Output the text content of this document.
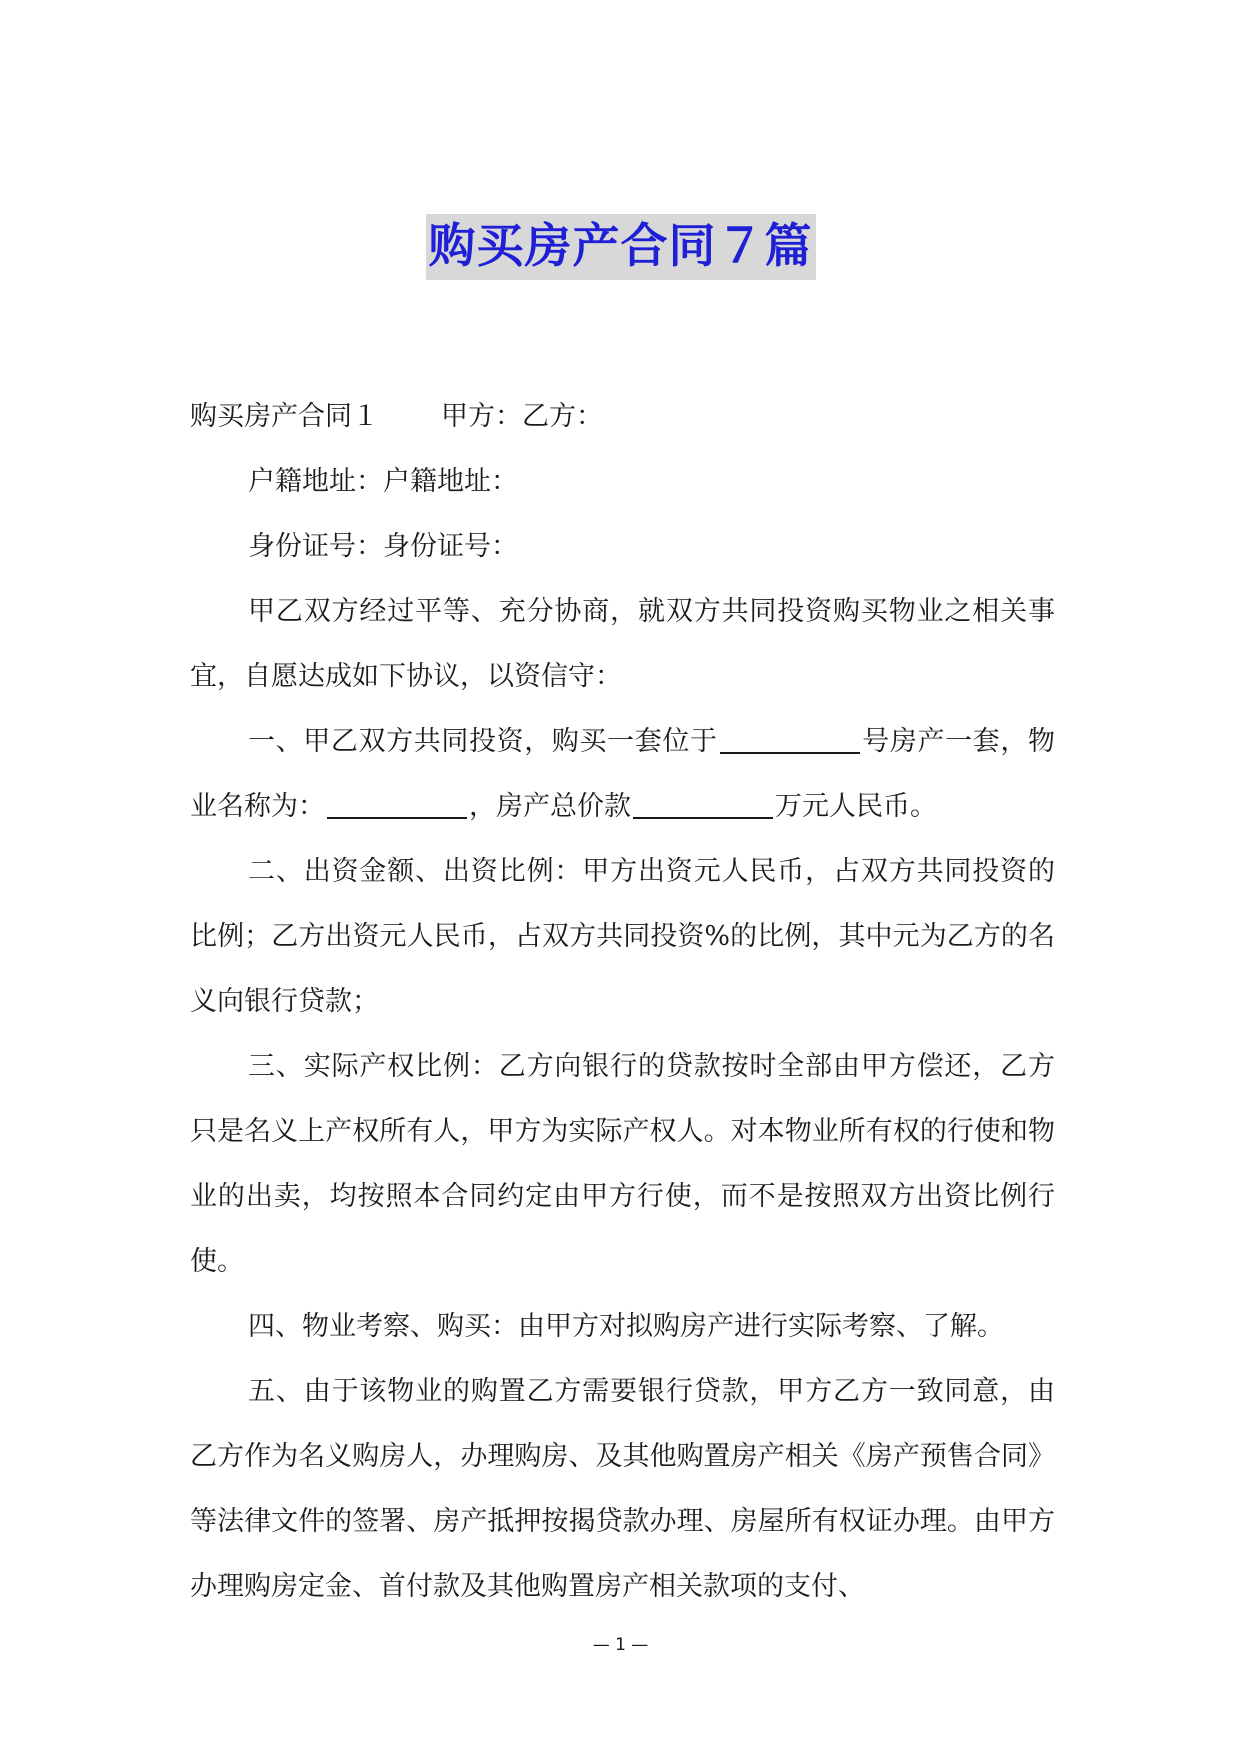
购买房产合同７篇

购买房产合同１ 甲方：乙方：

户籍地址：户籍地址：

身份证号：身份证号：

甲乙双方经过平等、充分协商，就双方共同投资购买物业之相关事宜，自愿达成如下协议，以资信守：

一、甲乙双方共同投资，购买一套位于	号房产一套，物业名称为：	，房产总价款	万元人民币。

二、出资金额、出资比例：甲方出资元人民币，占双方共同投资的比例；乙方出资元人民币，占双方共同投资%的比例，其中元为乙方的名义向银行贷款；

三、实际产权比例：乙方向银行的贷款按时全部由甲方偿还，乙方只是名义上产权所有人，甲方为实际产权人。对本物业所有权的行使和物业的出卖，均按照本合同约定由甲方行使，而不是按照双方出资比例行使。

四、物业考察、购买：由甲方对拟购房产进行实际考察、了解。

五、由于该物业的购置乙方需要银行贷款，甲方乙方一致同意，由乙方作为名义购房人，办理购房、及其他购置房产相关《房产预售合同》等法律文件的签署、房产抵押按揭贷款办理、房屋所有权证办理。由甲方办理购房定金、首付款及其他购置房产相关款项的支付、

— 1 —
